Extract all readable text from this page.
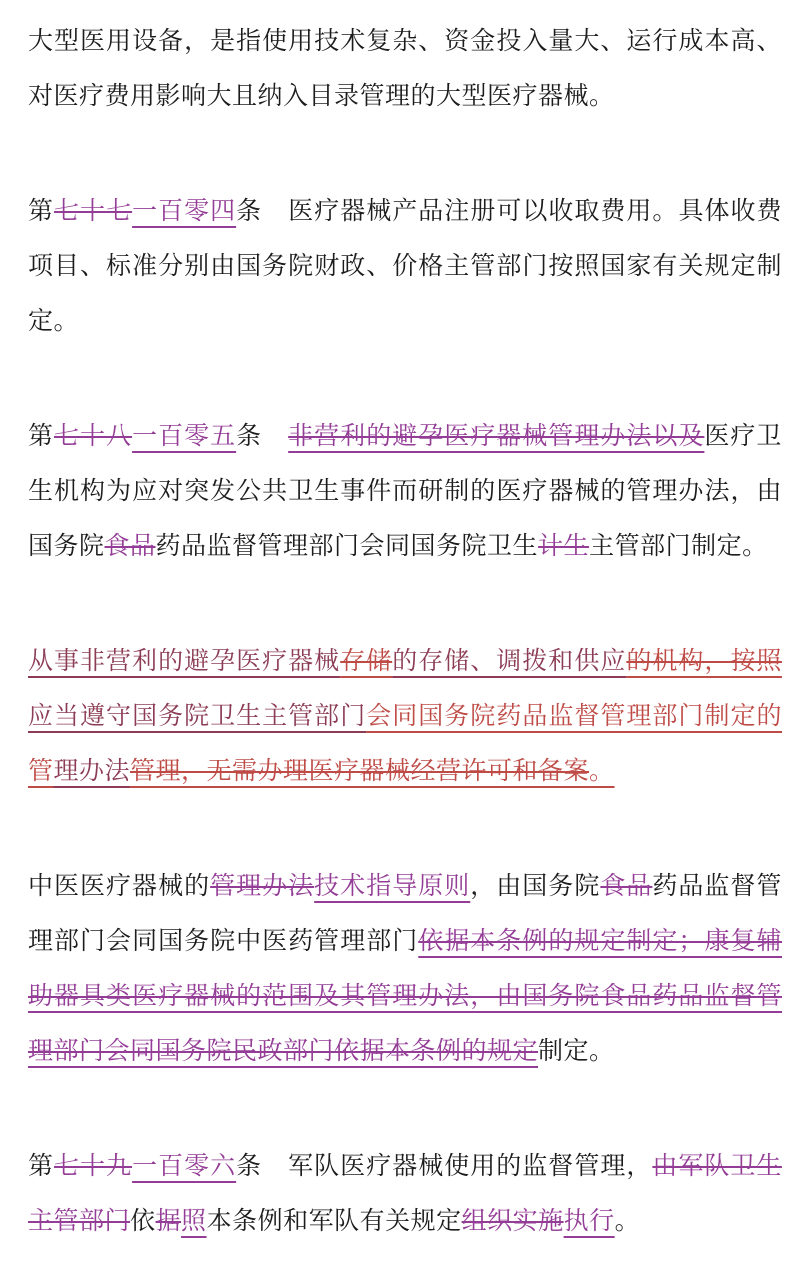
大型医用设备，是指使用技术复杂、资金投入量大、运行成本高、对医疗费用影响大且纳入目录管理的大型医疗器械。

第七十七一百零四条　医疗器械产品注册可以收取费用。具体收费项目、标准分别由国务院财政、价格主管部门按照国家有关规定制定。

第七十八一百零五条　非营利的避孕医疗器械管理办法以及医疗卫生机构为应对突发公共卫生事件而研制的医疗器械的管理办法，由国务院食品药品监督管理部门会同国务院卫生计生主管部门制定。

从事非营利的避孕医疗器械存储的存储、调拨和供应的机构，按照应当遵守国务院卫生主管部门会同国务院药品监督管理部门制定的管理办法管理，无需办理医疗器械经营许可和备案。

中医医疗器械的管理办法技术指导原则，由国务院食品药品监督管理部门会同国务院中医药管理部门依据本条例的规定制定；康复辅助器具类医疗器械的范围及其管理办法，由国务院食品药品监督管理部门会同国务院民政部门依据本条例的规定制定。

第七十九一百零六条　军队医疗器械使用的监督管理，由军队卫生主管部门依据照本条例和军队有关规定组织实施执行。
